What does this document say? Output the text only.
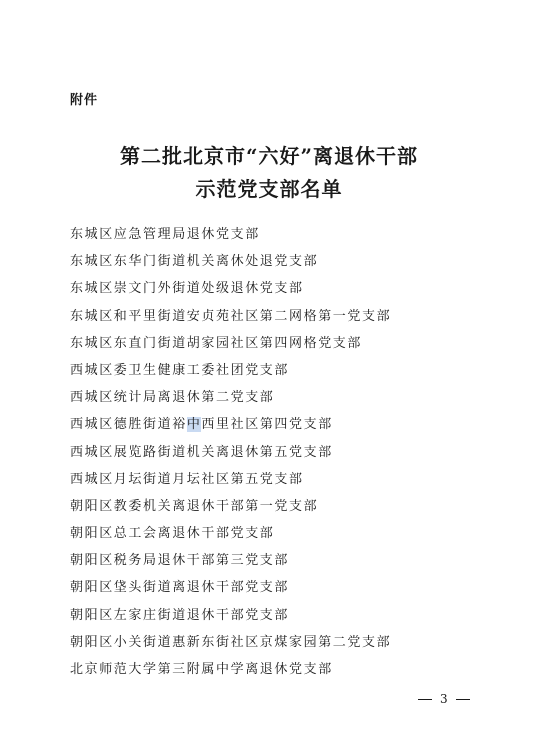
附件
第二批北京市“六好”离退休干部
示范党支部名单
东城区应急管理局退休党支部
东城区东华门街道机关离休处退党支部
东城区崇文门外街道处级退休党支部
东城区和平里街道安贞苑社区第二网格第一党支部
东城区东直门街道胡家园社区第四网格党支部
西城区委卫生健康工委社团党支部
西城区统计局离退休第二党支部
西城区德胜街道裕中西里社区第四党支部
西城区展览路街道机关离退休第五党支部
西城区月坛街道月坛社区第五党支部
朝阳区教委机关离退休干部第一党支部
朝阳区总工会离退休干部党支部
朝阳区税务局退休干部第三党支部
朝阳区垡头街道离退休干部党支部
朝阳区左家庄街道退休干部党支部
朝阳区小关街道惠新东街社区京煤家园第二党支部
北京师范大学第三附属中学离退休党支部
3
